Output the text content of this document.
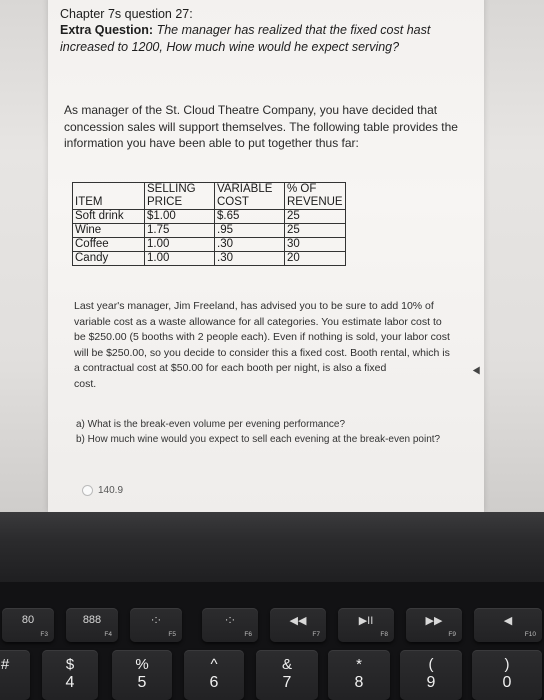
Chapter 7s question 27:
Extra Question: The manager has realized that the fixed cost hast increased to 1200, How much wine would he expect serving?
As manager of the St. Cloud Theatre Company, you have decided that concession sales will support themselves. The following table provides the information you have been able to put together thus far:
	SELLING	VARIABLE	% OF
ITEM	PRICE	COST	REVENUE
Soft drink	$1.00	$.65	25
Wine	1.75	.95	25
Coffee	1.00	.30	30
Candy	1.00	.30	20

Last year's manager, Jim Freeland, has advised you to be sure to add 10% of variable cost as a waste allowance for all categories. You estimate labor cost to be $250.00 (5 booths with 2 people each). Even if nothing is sold, your labor cost will be $250.00, so you decide to consider this a fixed cost. Booth rental, which is a contractual cost at $50.00 for each booth per night, is also a fixed

cost.

a) What is the break-even volume per evening performance?
b) How much wine would you expect to sell each evening at the break-even point?
140.9
80
F3
888
F4
·:·
F5
·:·
F6
◀◀
F7
▶II
F8
▶▶
F9
◀
F10
#	$
4
%
5
^
6
&
7
*
8
(
9
)
0
